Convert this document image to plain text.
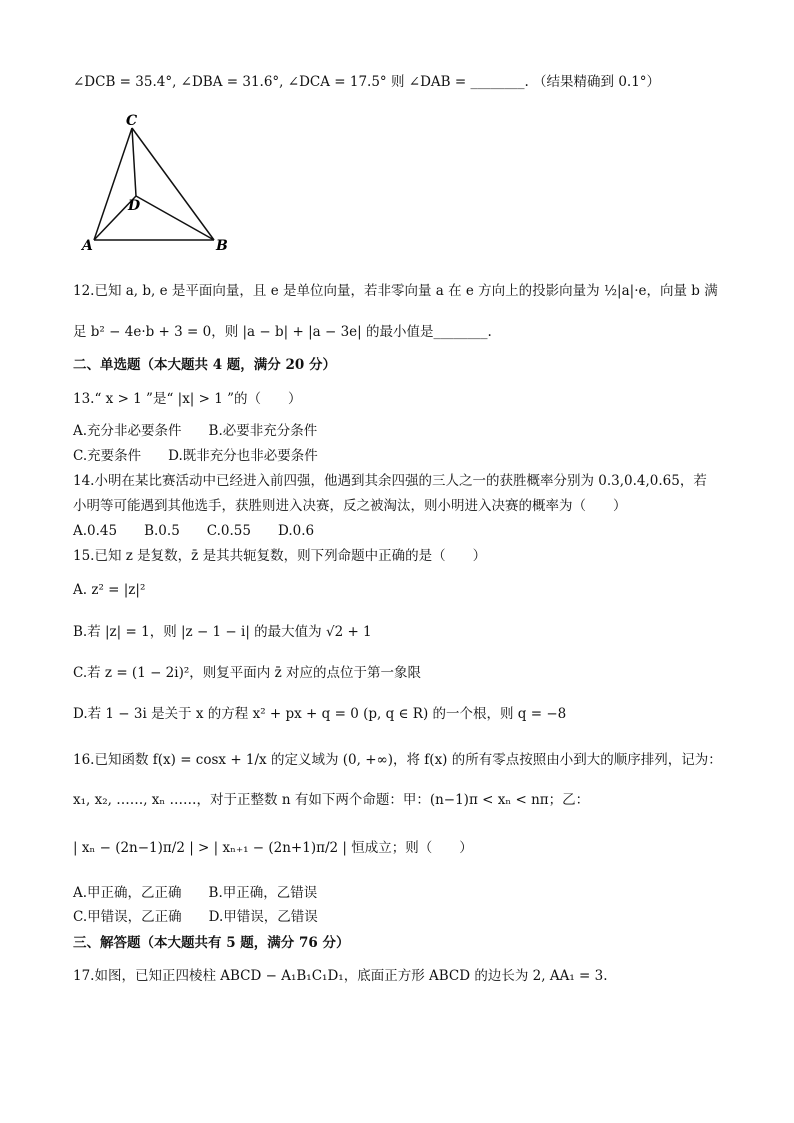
∠DCB = 35.4°, ∠DBA = 31.6°, ∠DCA = 17.5° 则 ∠DAB = ________. （结果精确到 0.1°）
C
D
A	B
12.已知 a, b, e 是平面向量，且 e 是单位向量，若非零向量 a 在 e 方向上的投影向量为 ½|a|·e，向量 b 满
足 b² − 4e·b + 3 = 0，则 |a − b| + |a − 3e| 的最小值是________.
二、单选题（本大题共 4 题，满分 20 分）
13.“ x > 1 ”是“ |x| > 1 ”的（　　）
A.充分非必要条件　　B.必要非充分条件
C.充要条件　　D.既非充分也非必要条件
14.小明在某比赛活动中已经进入前四强，他遇到其余四强的三人之一的获胜概率分别为 0.3,0.4,0.65，若
小明等可能遇到其他选手，获胜则进入决赛，反之被淘汰，则小明进入决赛的概率为（　　）
A.0.45　　B.0.5　　C.0.55　　D.0.6
15.已知 z 是复数，z̄ 是其共轭复数，则下列命题中正确的是（　　）
A. z² = |z|²
B.若 |z| = 1，则 |z − 1 − i| 的最大值为 √2 + 1
C.若 z = (1 − 2i)²，则复平面内 z̄ 对应的点位于第一象限
D.若 1 − 3i 是关于 x 的方程 x² + px + q = 0 (p, q ∈ R) 的一个根，则 q = −8
16.已知函数 f(x) = cosx + 1/x 的定义域为 (0, +∞)，将 f(x) 的所有零点按照由小到大的顺序排列，记为：
x₁, x₂, ……, xₙ ……，对于正整数 n 有如下两个命题：甲：(n−1)π < xₙ < nπ；乙：
| xₙ − (2n−1)π/2 | > | xₙ₊₁ − (2n+1)π/2 | 恒成立；则（　　）
A.甲正确，乙正确　　B.甲正确，乙错误
C.甲错误，乙正确　　D.甲错误，乙错误
三、解答题（本大题共有 5 题，满分 76 分）
17.如图，已知正四棱柱 ABCD − A₁B₁C₁D₁，底面正方形 ABCD 的边长为 2, AA₁ = 3.
